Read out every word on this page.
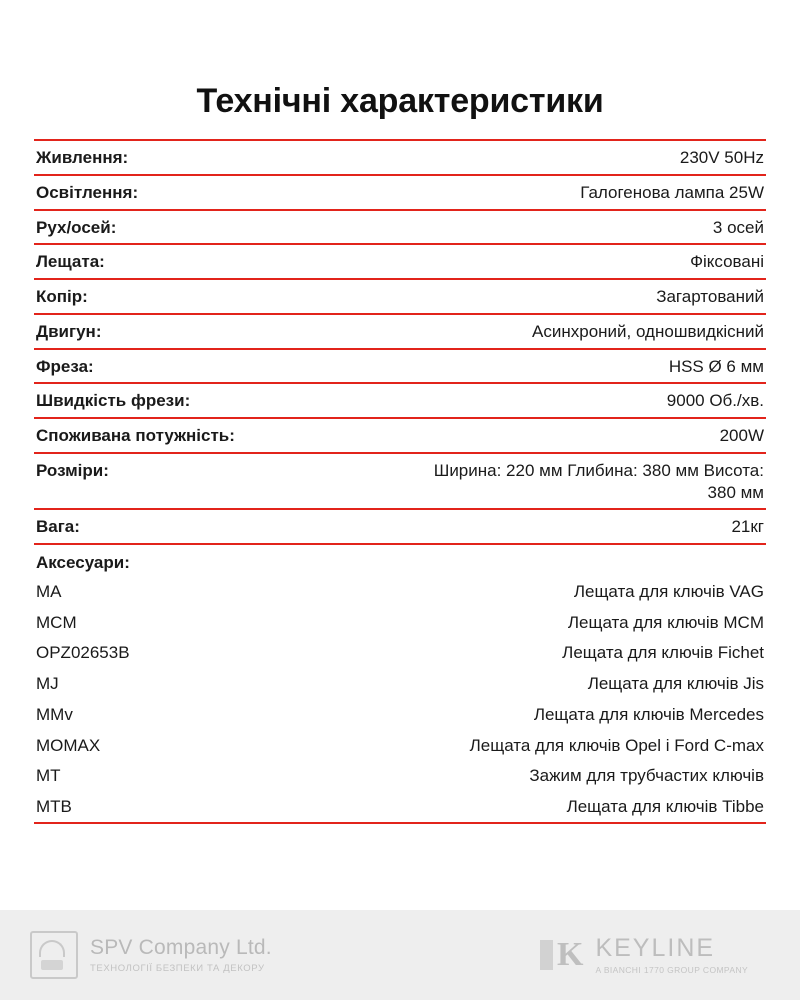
Технічні характеристики
Живлення:	230V 50Hz
Освітлення:	Галогенова лампа 25W
Рух/осей:	3 осей
Лещата:	Фіксовані
Копір:	Загартований
Двигун:	Асинхроний, одношвидкісний
Фреза:	HSS Ø 6 мм
Швидкість фрези:	9000 Об./хв.
Споживана потужність:	200W
Розміри:	Ширина: 220 мм Глибина: 380 мм Висота: 380 мм
Вага:	21кг
Аксесуари:	
MA	Лещата для ключів VAG
MCM	Лещата для ключів MCM
OPZ02653B	Лещата для ключів Fichet
MJ	Лещата для ключів Jis
MMv	Лещата для ключів Mercedes
MOMAX	Лещата для ключів Opel i Ford C-max
MT	Зажим для трубчастих ключів
MTB	Лещата для ключів Tibbe
SPV Company Ltd.
ТЕХНОЛОГІЇ БЕЗПЕКИ ТА ДЕКОРУ	K KEYLINE
A BIANCHI 1770 GROUP COMPANY
